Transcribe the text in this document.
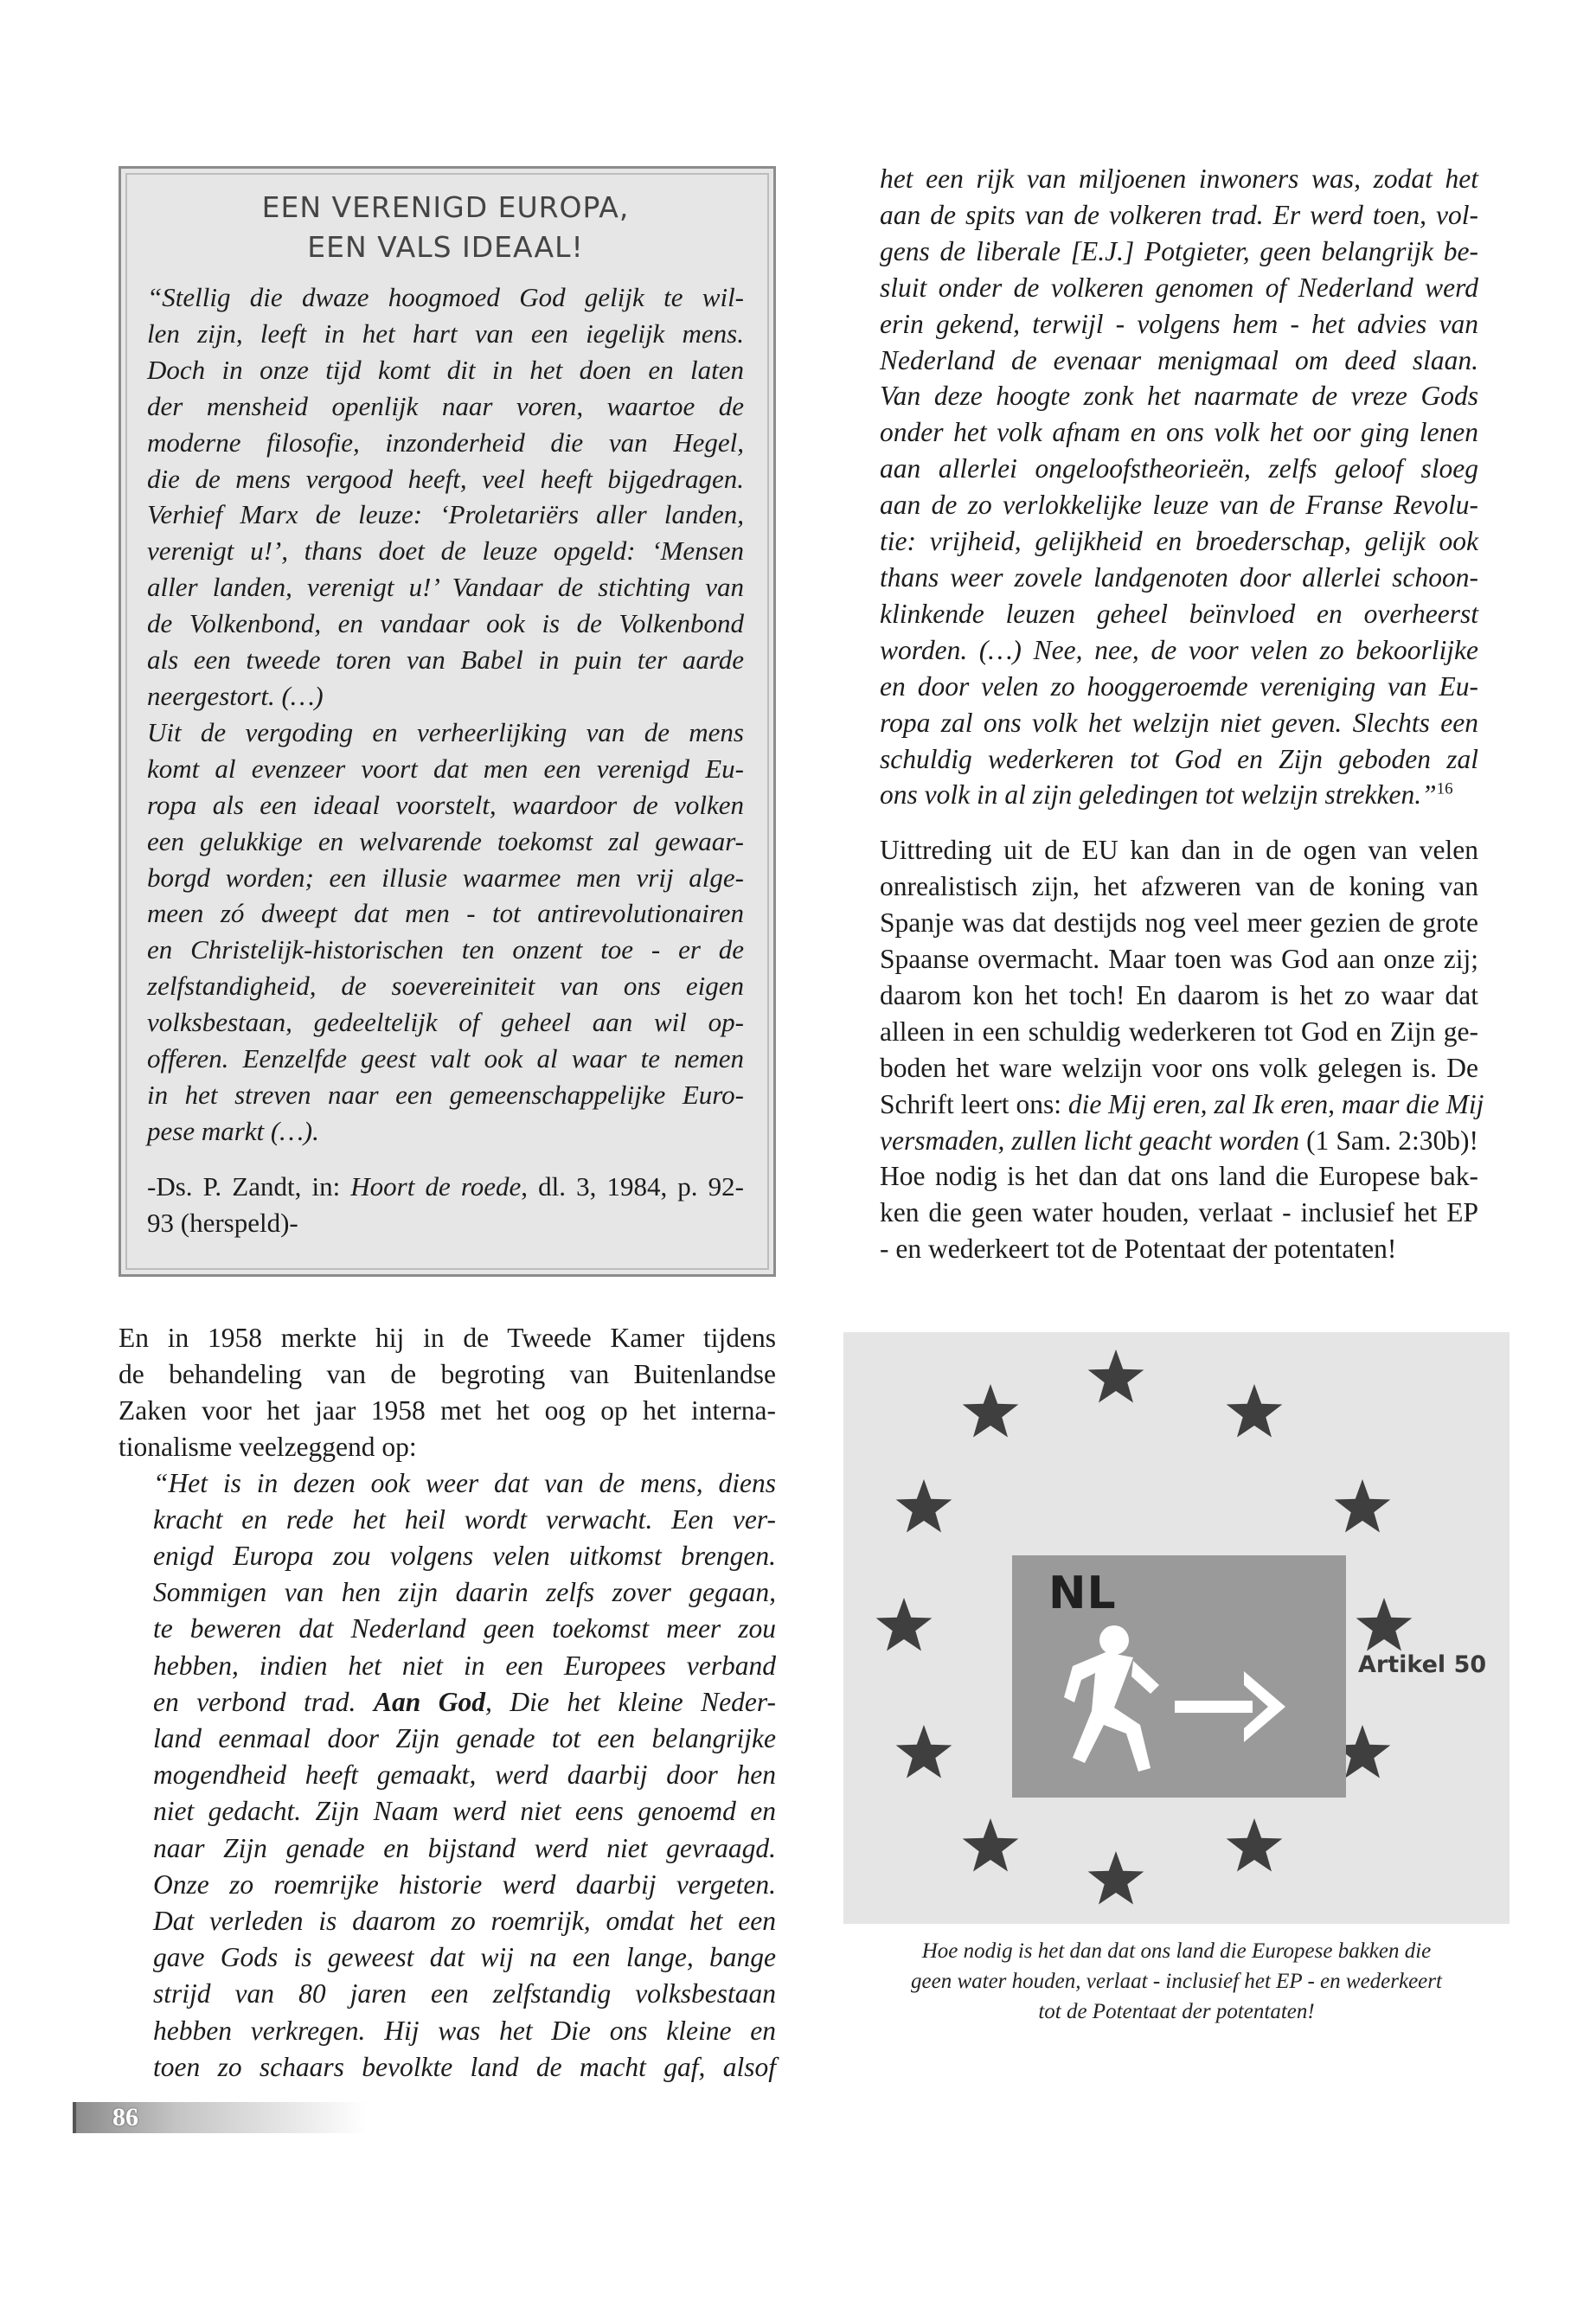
EEN VERENIGD EUROPA,
EEN VALS IDEAAL!
“Stellig die dwaze hoogmoed God gelijk te wil-
len zijn, leeft in het hart van een iegelijk mens.
Doch in onze tijd komt dit in het doen en laten
der mensheid openlijk naar voren, waartoe de
moderne filosofie, inzonderheid die van Hegel,
die de mens vergood heeft, veel heeft bijgedragen.
Verhief Marx de leuze: ‘Proletariërs aller landen,
verenigt u!’, thans doet de leuze opgeld: ‘Mensen
aller landen, verenigt u!’ Vandaar de stichting van
de Volkenbond, en vandaar ook is de Volkenbond
als een tweede toren van Babel in puin ter aarde
neergestort. (…)
Uit de vergoding en verheerlijking van de mens
komt al evenzeer voort dat men een verenigd Eu-
ropa als een ideaal voorstelt, waardoor de volken
een gelukkige en welvarende toekomst zal gewaar-
borgd worden; een illusie waarmee men vrij alge-
meen zó dweept dat men - tot antirevolutionairen
en Christelijk-historischen ten onzent toe - er de
zelfstandigheid, de soevereiniteit van ons eigen
volksbestaan, gedeeltelijk of geheel aan wil op-
offeren. Eenzelfde geest valt ook al waar te nemen
in het streven naar een gemeenschappelijke Euro-
pese markt (…).
-Ds. P. Zandt, in: Hoort de roede, dl. 3, 1984, p. 92-
93 (herspeld)-
het een rijk van miljoenen inwoners was, zodat het
aan de spits van de volkeren trad. Er werd toen, vol-
gens de liberale [E.J.] Potgieter, geen belangrijk be-
sluit onder de volkeren genomen of Nederland werd
erin gekend, terwijl - volgens hem - het advies van
Nederland de evenaar menigmaal om deed slaan.
Van deze hoogte zonk het naarmate de vreze Gods
onder het volk afnam en ons volk het oor ging lenen
aan allerlei ongeloofstheorieën, zelfs geloof sloeg
aan de zo verlokkelijke leuze van de Franse Revolu-
tie: vrijheid, gelijkheid en broederschap, gelijk ook
thans weer zovele landgenoten door allerlei schoon-
klinkende leuzen geheel beïnvloed en overheerst
worden. (…) Nee, nee, de voor velen zo bekoorlijke
en door velen zo hooggeroemde vereniging van Eu-
ropa zal ons volk het welzijn niet geven. Slechts een
schuldig wederkeren tot God en Zijn geboden zal
ons volk in al zijn geledingen tot welzijn strekken.”$^{16}$
Uittreding uit de EU kan dan in de ogen van velen
onrealistisch zijn, het afzweren van de koning van
Spanje was dat destijds nog veel meer gezien de grote
Spaanse overmacht. Maar toen was God aan onze zij;
daarom kon het toch! En daarom is het zo waar dat
alleen in een schuldig wederkeren tot God en Zijn ge-
boden het ware welzijn voor ons volk gelegen is. De
Schrift leert ons: die Mij eren, zal Ik eren, maar die Mij
versmaden, zullen licht geacht worden (1 Sam. 2:30b)!
Hoe nodig is het dan dat ons land die Europese bak-
ken die geen water houden, verlaat - inclusief het EP
- en wederkeert tot de Potentaat der potentaten!
En in 1958 merkte hij in de Tweede Kamer tijdens
de behandeling van de begroting van Buitenlandse
Zaken voor het jaar 1958 met het oog op het interna-
tionalisme veelzeggend op:
“Het is in dezen ook weer dat van de mens, diens
kracht en rede het heil wordt verwacht. Een ver-
enigd Europa zou volgens velen uitkomst brengen.
Sommigen van hen zijn daarin zelfs zover gegaan,
te beweren dat Nederland geen toekomst meer zou
hebben, indien het niet in een Europees verband
en verbond trad. Aan God, Die het kleine Neder-
land eenmaal door Zijn genade tot een belangrijke
mogendheid heeft gemaakt, werd daarbij door hen
niet gedacht. Zijn Naam werd niet eens genoemd en
naar Zijn genade en bijstand werd niet gevraagd.
Onze zo roemrijke historie werd daarbij vergeten.
Dat verleden is daarom zo roemrijk, omdat het een
gave Gods is geweest dat wij na een lange, bange
strijd van 80 jaren een zelfstandig volksbestaan
hebben verkregen. Hij was het Die ons kleine en
toen zo schaars bevolkte land de macht gaf, alsof
NL
Artikel 50
Hoe nodig is het dan dat ons land die Europese bakken die
geen water houden, verlaat - inclusief het EP - en wederkeert
tot de Potentaat der potentaten!
86
